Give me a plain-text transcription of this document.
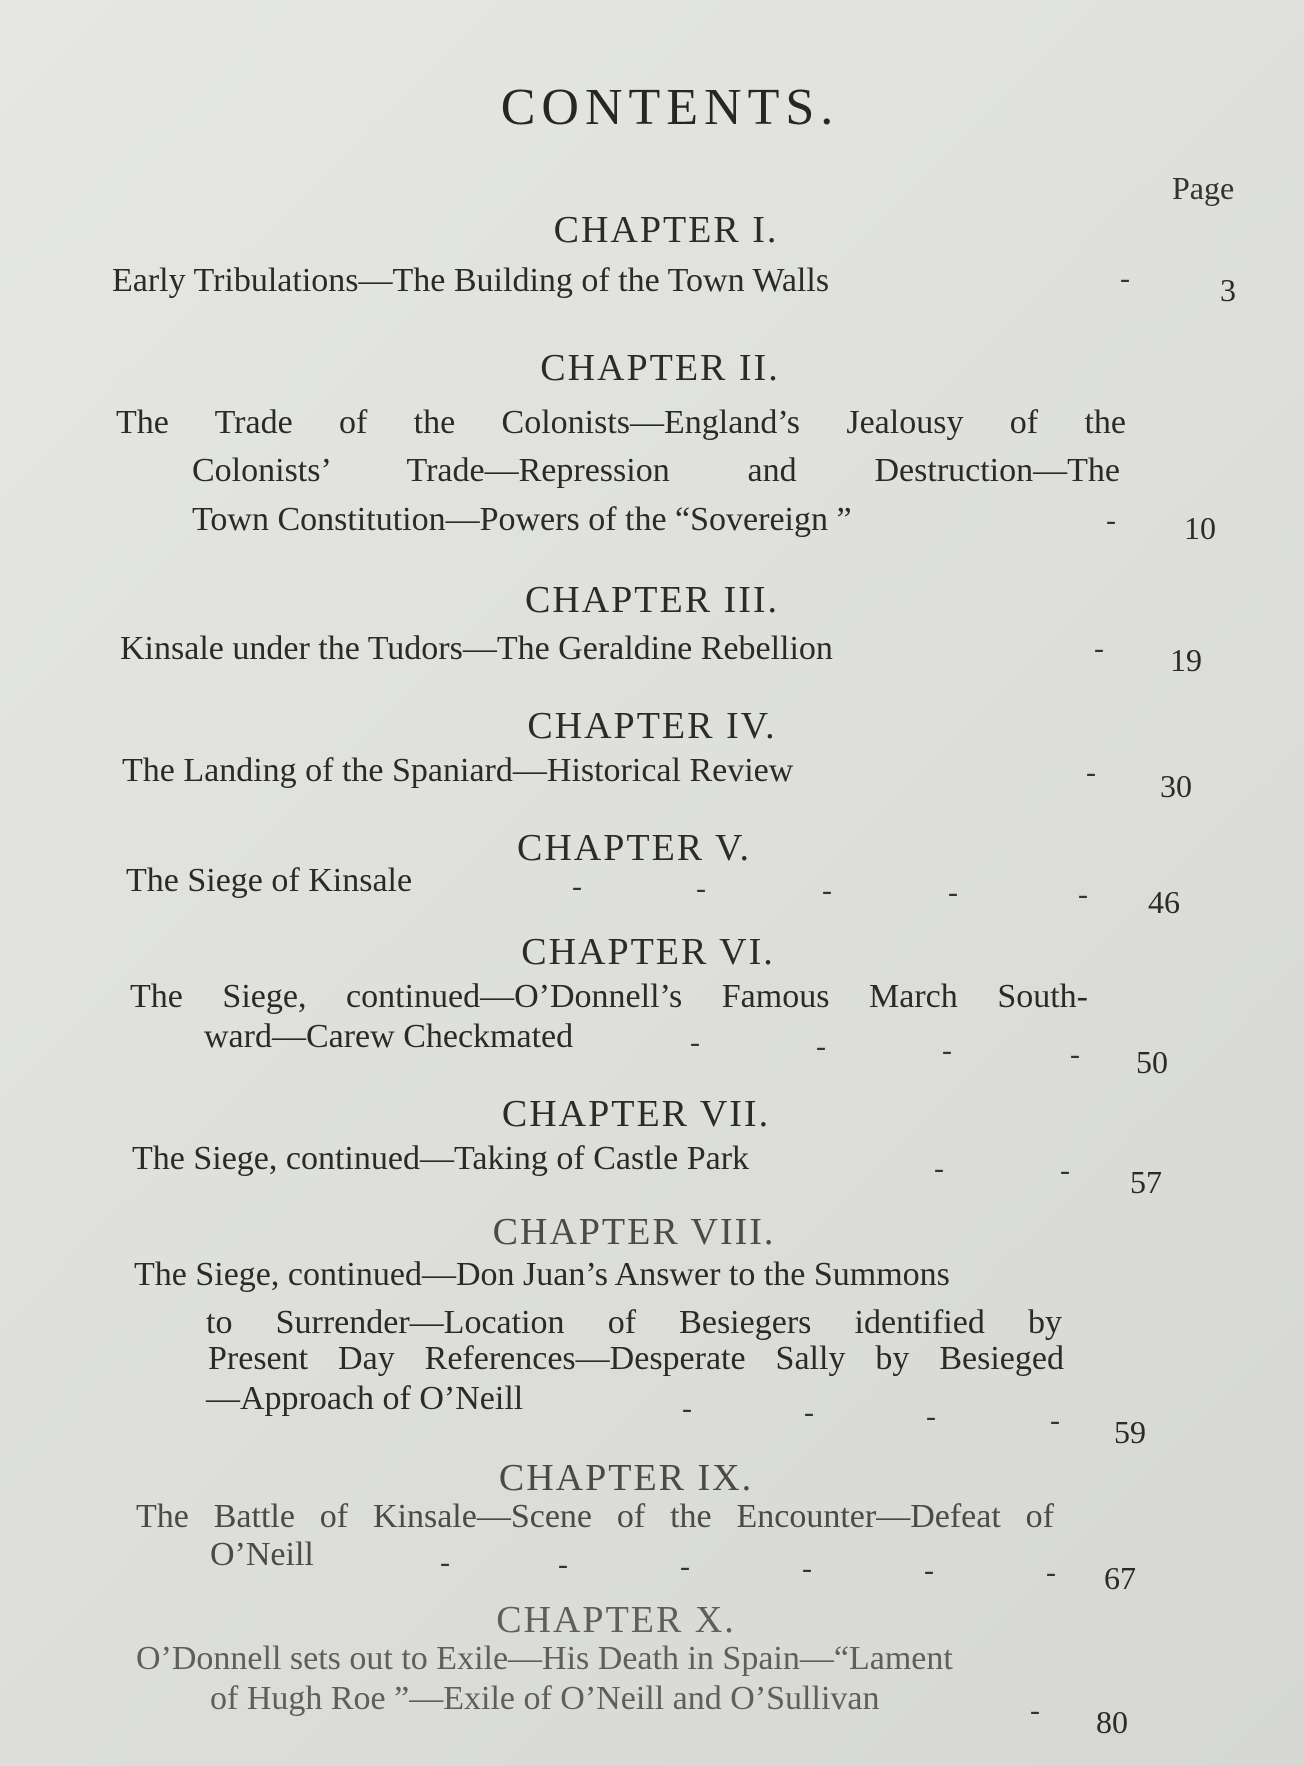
CONTENTS.
Page
CHAPTER I.
Early Tribulations—The Building of the Town Walls	-	3
CHAPTER II.
The Trade of the Colonists—England’s Jealousy of the
Colonists’ Trade—Repression and Destruction—The
Town Constitution—Powers of the “Sovereign ”	- 10
CHAPTER III.
Kinsale under the Tudors—The Geraldine Rebellion	- 19
CHAPTER IV.
The Landing of the Spaniard—Historical Review	- 30
CHAPTER V.
The Siege of Kinsale	-	-	-	-	- 46
CHAPTER VI.
The Siege, continued—O’Donnell’s Famous March South-
ward—Carew Checkmated	-	-	-	- 50
CHAPTER VII.
The Siege, continued—Taking of Castle Park	-	- 57
CHAPTER VIII.
The Siege, continued—Don Juan’s Answer to the Summons
to Surrender—Location of Besiegers identified by
Present Day References—Desperate Sally by Besieged
—Approach of O’Neill	-	-	-	- 59
CHAPTER IX.
The Battle of Kinsale—Scene of the Encounter—Defeat of
O’Neill	-	-	-	-	-	- 67
CHAPTER X.
O’Donnell sets out to Exile—His Death in Spain—“Lament
of Hugh Roe ”—Exile of O’Neill and O’Sullivan	- 80
